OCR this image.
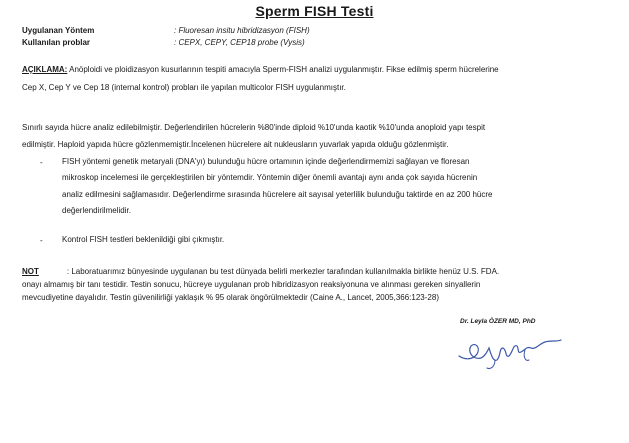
Sperm FISH Testi
Uygulanan Yöntem	: Fluoresan insitu hibridizasyon (FISH)
Kullanılan problar	: CEPX, CEPY, CEP18 probe (Vysis)
AÇIKLAMA: Anöploidi ve ploidizasyon kusurlarının tespiti amacıyla Sperm-FISH analizi uygulanmıştır. Fikse edilmiş sperm hücrelerine
Cep X, Cep Y ve Cep 18 (internal kontrol) probları ile yapılan multicolor FISH uygulanmıştır.
Sınırlı sayıda hücre analiz edilebilmiştir. Değerlendirilen hücrelerin %80'inde diploid %10'unda kaotik %10'unda anoploid yapı tespit
edilmiştir. Haploid yapıda hücre gözlenmemiştir.İncelenen hücrelere ait nukleusların yuvarlak yapıda olduğu gözlenmiştir.
- FISH yöntemi genetik metaryali (DNA'yı) bulunduğu hücre ortamının içinde değerlendirmemizi sağlayan ve floresan
mikroskop incelemesi ile gerçekleştirilen bir yöntemdir. Yöntemin diğer önemli avantajı aynı anda çok sayıda hücrenin
analiz edilmesini sağlamasıdır. Değerlendirme sırasında hücrelere ait sayısal yeterlilik bulunduğu taktirde en az 200 hücre
değerlendirilmelidir.
- Kontrol FISH testleri beklenildiği gibi çıkmıştır.
NOT	: Laboratuarımız bünyesinde uygulanan bu test dünyada belirli merkezler tarafından kullanılmakla birlikte henüz U.S. FDA.
onayı almamış bir tanı testidir. Testin sonucu, hücreye uygulanan prob hibridizasyon reaksiyonuna ve alınması gereken sinyallerin
mevcudiyetine dayalıdır. Testin güvenilirliği yaklaşık % 95 olarak öngörülmektedir (Caine A., Lancet, 2005,366:123-28)
Dr. Leyla ÖZER MD, PhD
